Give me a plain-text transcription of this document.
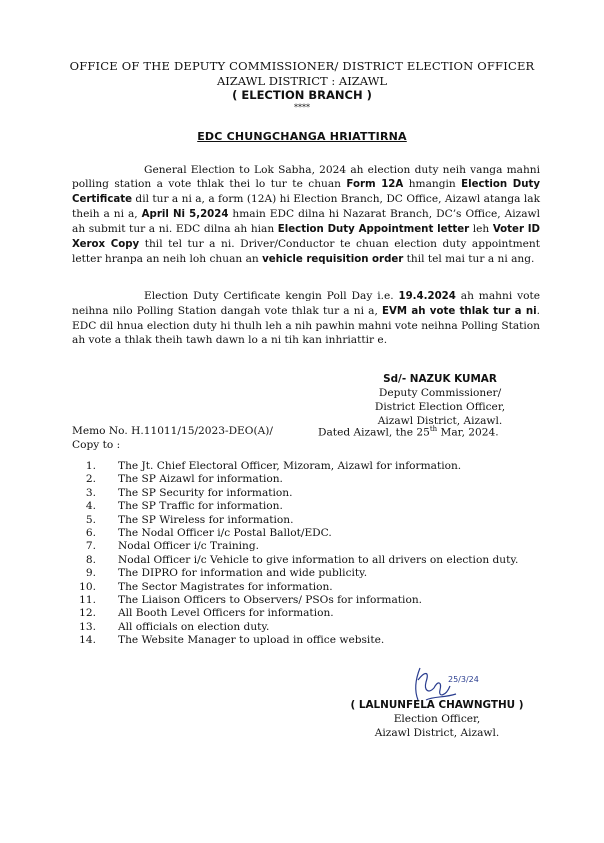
OFFICE OF THE DEPUTY COMMISSIONER/ DISTRICT ELECTION OFFICER
AIZAWL DISTRICT : AIZAWL
( ELECTION BRANCH )
****
EDC CHUNGCHANGA HRIATTIRNA
General Election to Lok Sabha, 2024 ah election duty neih vanga mahni polling station a vote thlak thei lo tur te chuan Form 12A hmangin Election Duty Certificate dil tur a ni a, a form (12A) hi Election Branch, DC Office, Aizawl atanga lak theih a ni a, April Ni 5,2024 hmain EDC dilna hi Nazarat Branch, DC’s Office, Aizawl ah submit tur a ni. EDC dilna ah hian Election Duty Appointment letter leh Voter ID Xerox Copy thil tel tur a ni. Driver/Conductor te chuan election duty appointment letter hranpa an neih loh chuan an vehicle requisition order thil tel mai tur a ni ang.
Election Duty Certificate kengin Poll Day i.e. 19.4.2024 ah mahni vote neihna nilo Polling Station dangah vote thlak tur a ni a, EVM ah vote thlak tur a ni. EDC dil hnua election duty hi thulh leh a nih pawhin mahni vote neihna Polling Station ah vote a thlak theih tawh dawn lo a ni tih kan inhriattir e.
Sd/- NAZUK KUMAR
Deputy Commissioner/
District Election Officer,
Aizawl District, Aizawl.
Memo No. H.11011/15/2023-DEO(A)/	Dated Aizawl, the 25th Mar, 2024.
Copy to :
1.	The Jt. Chief Electoral Officer, Mizoram, Aizawl for information.
2.	The SP Aizawl for information.
3.	The SP Security for information.
4.	The SP Traffic for information.
5.	The SP Wireless for information.
6.	The Nodal Officer i/c Postal Ballot/EDC.
7.	Nodal Officer i/c Training.
8.	Nodal Officer i/c Vehicle to give information to all drivers on election duty.
9.	The DIPRO for information and wide publicity.
10.	The Sector Magistrates for information.
11.	The Liaison Officers to Observers/ PSOs for information.
12.	All Booth Level Officers for information.
13.	All officials on election duty.
14.	The Website Manager to upload in office website.
25/3/24
( LALNUNFELA CHAWNGTHU )
Election Officer,
Aizawl District, Aizawl.
